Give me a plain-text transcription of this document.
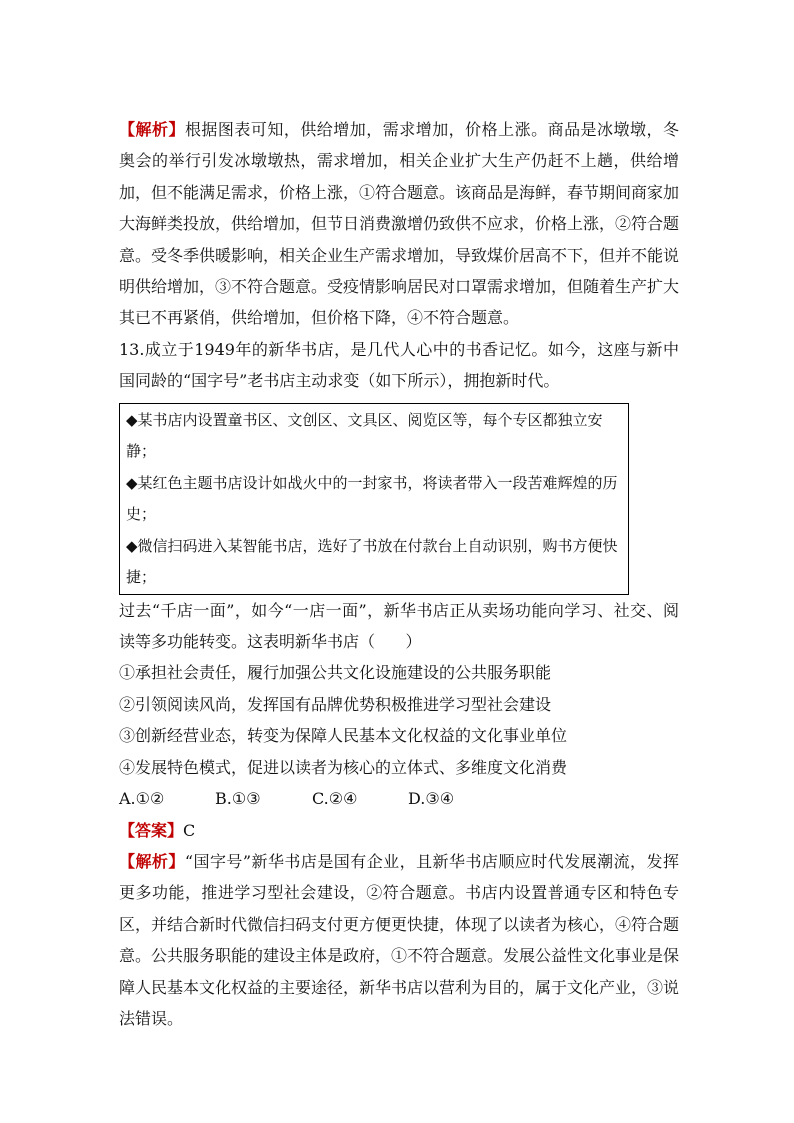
【解析】根据图表可知，供给增加，需求增加，价格上涨。商品是冰墩墩，冬奥会的举行引发冰墩墩热，需求增加，相关企业扩大生产仍赶不上趟，供给增加，但不能满足需求，价格上涨，①符合题意。该商品是海鲜，春节期间商家加大海鲜类投放，供给增加，但节日消费激增仍致供不应求，价格上涨，②符合题意。受冬季供暖影响，相关企业生产需求增加，导致煤价居高不下，但并不能说明供给增加，③不符合题意。受疫情影响居民对口罩需求增加，但随着生产扩大其已不再紧俏，供给增加，但价格下降，④不符合题意。

13.成立于1949年的新华书店，是几代人心中的书香记忆。如今，这座与新中国同龄的“国字号”老书店主动求变（如下所示），拥抱新时代。

◆某书店内设置童书区、文创区、文具区、阅览区等，每个专区都独立安静；

◆某红色主题书店设计如战火中的一封家书，将读者带入一段苦难辉煌的历史；

◆微信扫码进入某智能书店，选好了书放在付款台上自动识别，购书方便快捷；

过去“千店一面”，如今“一店一面”，新华书店正从卖场功能向学习、社交、阅读等多功能转变。这表明新华书店（      ）

①承担社会责任，履行加强公共文化设施建设的公共服务职能

②引领阅读风尚，发挥国有品牌优势积极推进学习型社会建设

③创新经营业态，转变为保障人民基本文化权益的文化事业单位

④发展特色模式，促进以读者为核心的立体式、多维度文化消费

A.①②	B.①③	C.②④	D.③④

【答案】C

【解析】“国字号”新华书店是国有企业，且新华书店顺应时代发展潮流，发挥更多功能，推进学习型社会建设，②符合题意。书店内设置普通专区和特色专区，并结合新时代微信扫码支付更方便更快捷，体现了以读者为核心，④符合题意。公共服务职能的建设主体是政府，①不符合题意。发展公益性文化事业是保障人民基本文化权益的主要途径，新华书店以营利为目的，属于文化产业，③说法错误。
